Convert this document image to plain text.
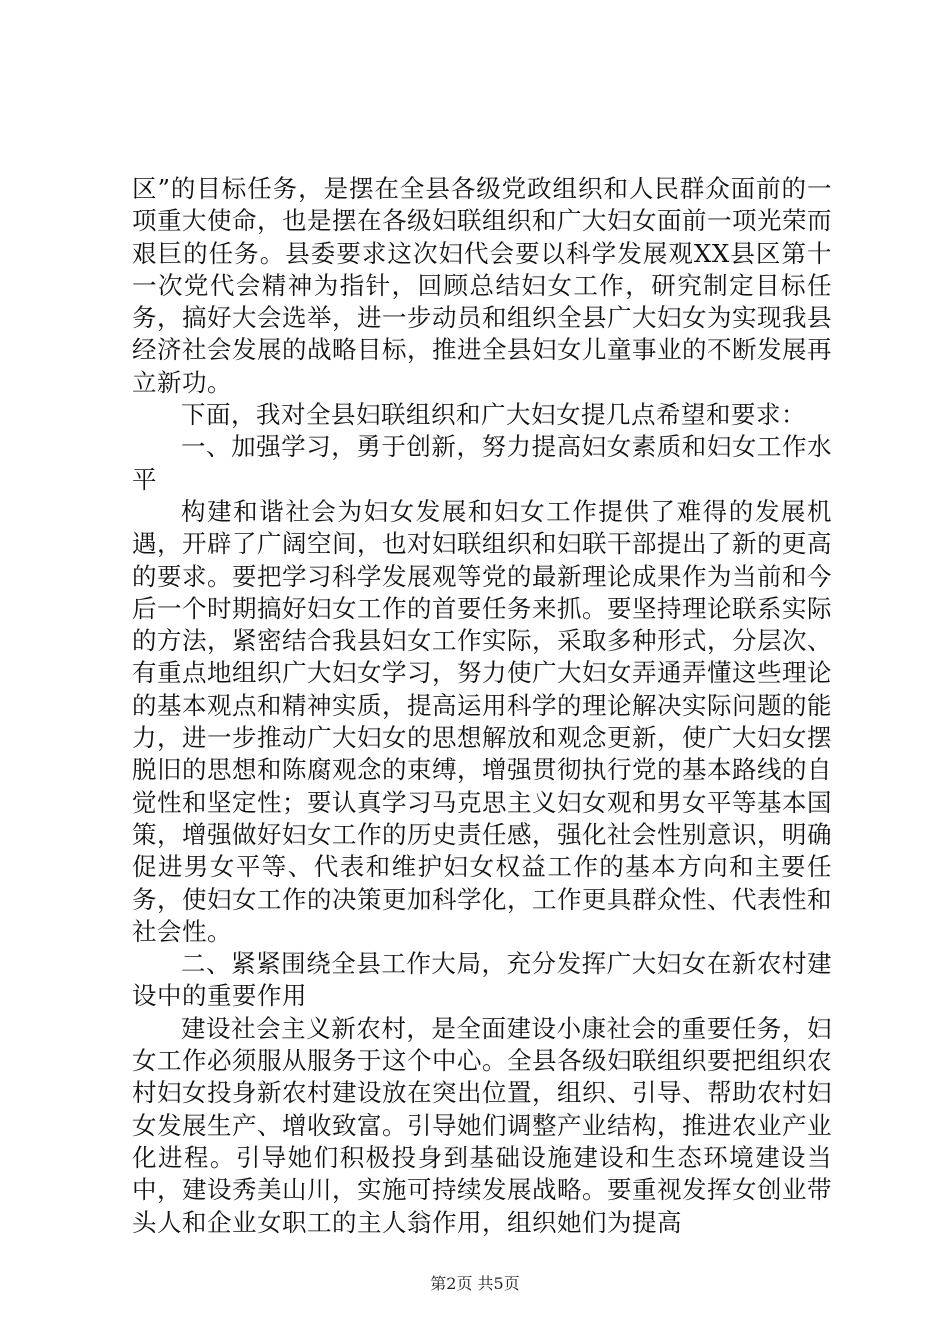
区”的目标任务，是摆在全县各级党政组织和人民群众面前的一项重大使命，也是摆在各级妇联组织和广大妇女面前一项光荣而艰巨的任务。县委要求这次妇代会要以科学发展观XX县区第十一次党代会精神为指针，回顾总结妇女工作，研究制定目标任务，搞好大会选举，进一步动员和组织全县广大妇女为实现我县经济社会发展的战略目标，推进全县妇女儿童事业的不断发展再立新功。

下面，我对全县妇联组织和广大妇女提几点希望和要求：

一、加强学习，勇于创新，努力提高妇女素质和妇女工作水平

构建和谐社会为妇女发展和妇女工作提供了难得的发展机遇，开辟了广阔空间，也对妇联组织和妇联干部提出了新的更高的要求。要把学习科学发展观等党的最新理论成果作为当前和今后一个时期搞好妇女工作的首要任务来抓。要坚持理论联系实际的方法，紧密结合我县妇女工作实际，采取多种形式，分层次、有重点地组织广大妇女学习，努力使广大妇女弄通弄懂这些理论的基本观点和精神实质，提高运用科学的理论解决实际问题的能力，进一步推动广大妇女的思想解放和观念更新，使广大妇女摆脱旧的思想和陈腐观念的束缚，增强贯彻执行党的基本路线的自觉性和坚定性；要认真学习马克思主义妇女观和男女平等基本国策，增强做好妇女工作的历史责任感，强化社会性别意识，明确促进男女平等、代表和维护妇女权益工作的基本方向和主要任务，使妇女工作的决策更加科学化，工作更具群众性、代表性和社会性。

二、紧紧围绕全县工作大局，充分发挥广大妇女在新农村建设中的重要作用

建设社会主义新农村，是全面建设小康社会的重要任务，妇女工作必须服从服务于这个中心。全县各级妇联组织要把组织农村妇女投身新农村建设放在突出位置，组织、引导、帮助农村妇女发展生产、增收致富。引导她们调整产业结构，推进农业产业化进程。引导她们积极投身到基础设施建设和生态环境建设当中，建设秀美山川，实施可持续发展战略。要重视发挥女创业带头人和企业女职工的主人翁作用，组织她们为提高

第2页 共5页
